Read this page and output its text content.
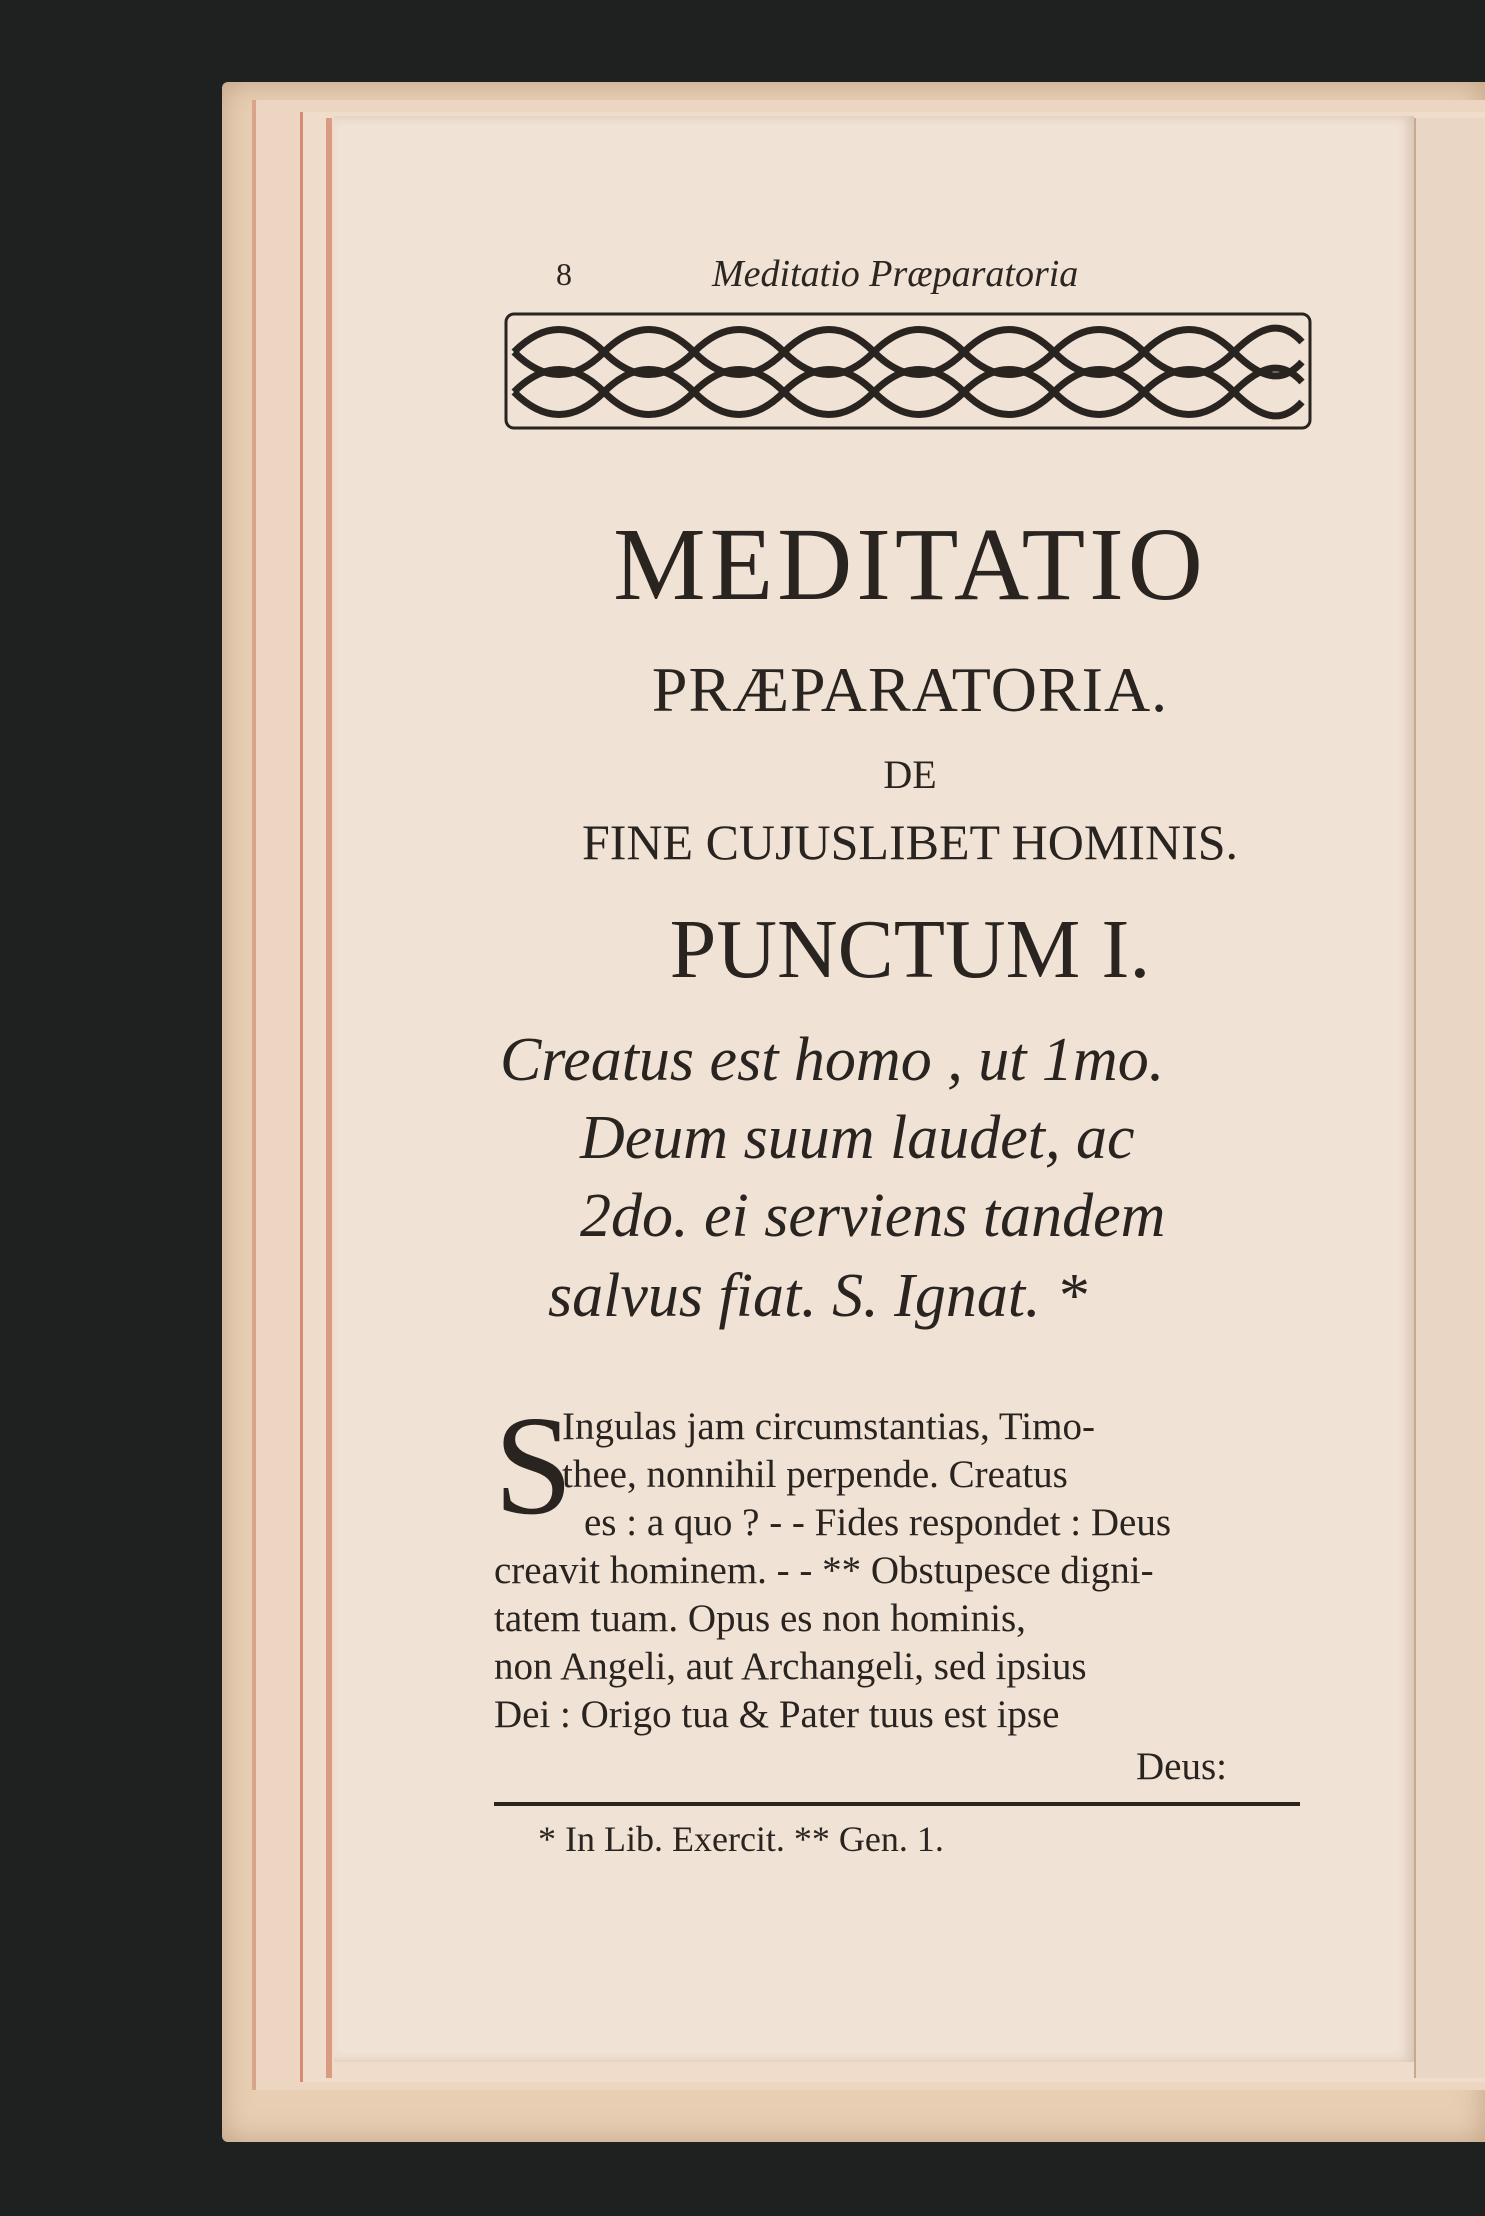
8	Meditatio Præparatoria
MEDITATIO
PRÆPARATORIA.
DE
FINE CUJUSLIBET HOMINIS.
PUNCTUM I.
Creatus est homo , ut 1mo.
Deum suum laudet, ac
2do. ei serviens tandem
salvus fiat. S. Ignat. *
S
Ingulas jam circumstantias, Timo-
thee, nonnihil perpende. Creatus
es : a quo ? - - Fides respondet : Deus
creavit hominem. - - ** Obstupesce digni-
tatem tuam. Opus es non hominis,
non Angeli, aut Archangeli, sed ipsius
Dei : Origo tua & Pater tuus est ipse
Deus:
* In Lib. Exercit. ** Gen. 1.
